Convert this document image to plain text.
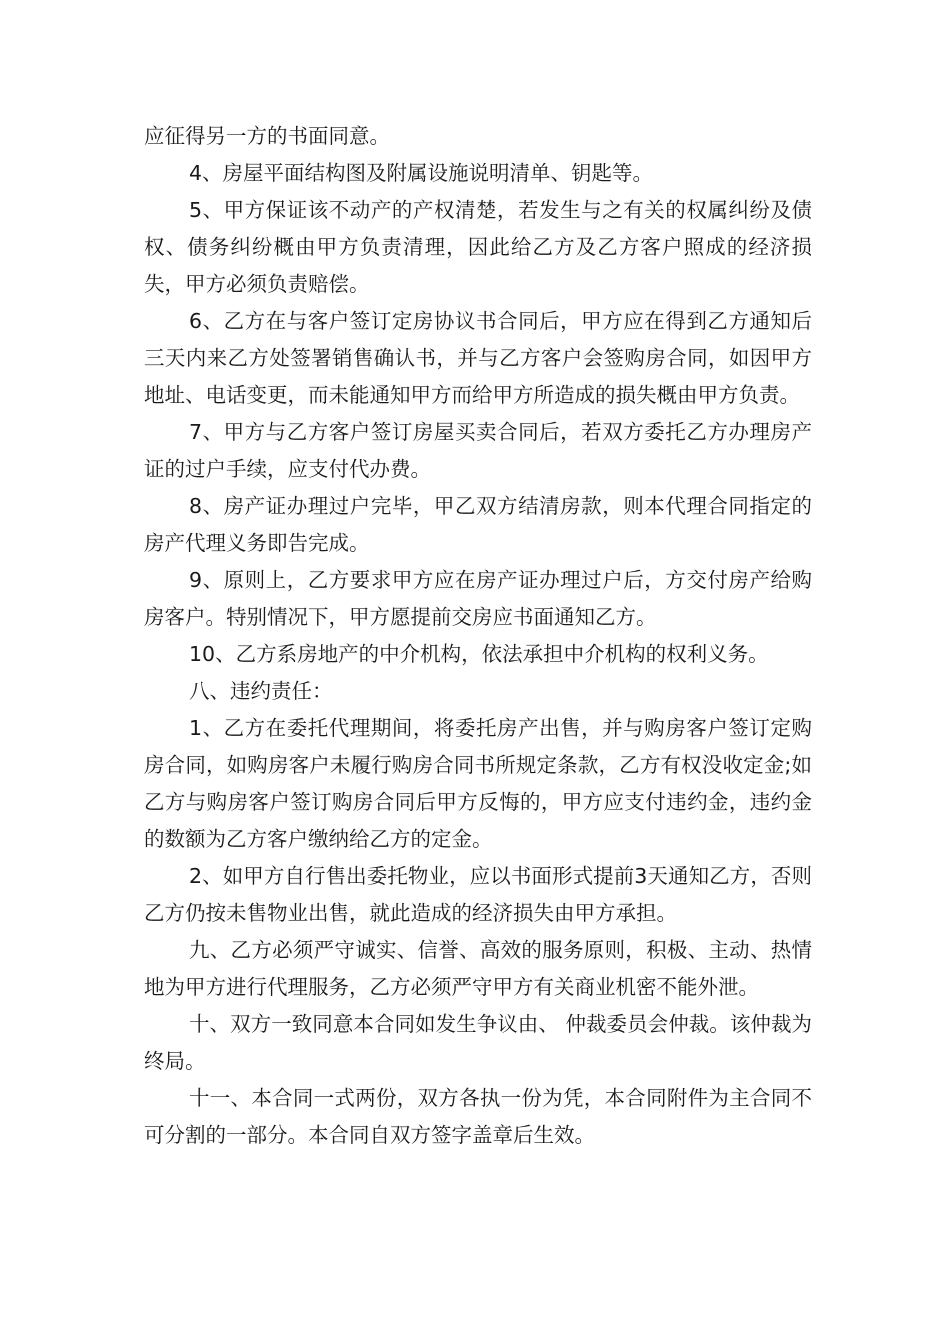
应征得另一方的书面同意。

4、房屋平面结构图及附属设施说明清单、钥匙等。

5、甲方保证该不动产的产权清楚，若发生与之有关的权属纠纷及债权、债务纠纷概由甲方负责清理，因此给乙方及乙方客户照成的经济损失，甲方必须负责赔偿。

6、乙方在与客户签订定房协议书合同后，甲方应在得到乙方通知后三天内来乙方处签署销售确认书，并与乙方客户会签购房合同，如因甲方地址、电话变更，而未能通知甲方而给甲方所造成的损失概由甲方负责。

7、甲方与乙方客户签订房屋买卖合同后，若双方委托乙方办理房产证的过户手续，应支付代办费。

8、房产证办理过户完毕，甲乙双方结清房款，则本代理合同指定的房产代理义务即告完成。

9、原则上，乙方要求甲方应在房产证办理过户后，方交付房产给购房客户。特别情况下，甲方愿提前交房应书面通知乙方。

10、乙方系房地产的中介机构，依法承担中介机构的权利义务。

八、违约责任：

1、乙方在委托代理期间，将委托房产出售，并与购房客户签订定购房合同，如购房客户未履行购房合同书所规定条款，乙方有权没收定金;如乙方与购房客户签订购房合同后甲方反悔的，甲方应支付违约金，违约金的数额为乙方客户缴纳给乙方的定金。

2、如甲方自行售出委托物业，应以书面形式提前3天通知乙方，否则乙方仍按未售物业出售，就此造成的经济损失由甲方承担。

九、乙方必须严守诚实、信誉、高效的服务原则，积极、主动、热情地为甲方进行代理服务，乙方必须严守甲方有关商业机密不能外泄。

十、双方一致同意本合同如发生争议由、 仲裁委员会仲裁。该仲裁为终局。

十一、本合同一式两份，双方各执一份为凭，本合同附件为主合同不可分割的一部分。本合同自双方签字盖章后生效。
